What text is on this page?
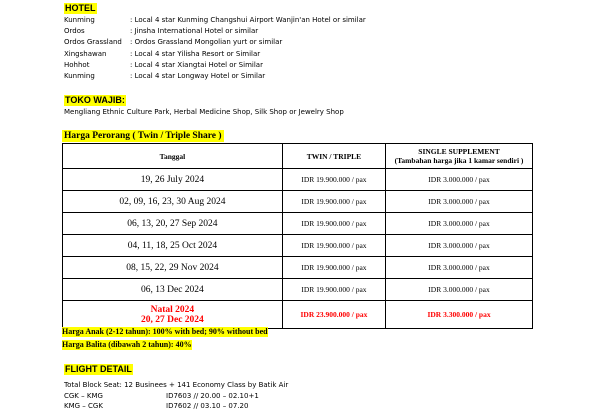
HOTEL
Kunming	: Local 4 star Kunming Changshui Airport Wanjin'an Hotel or similar
Ordos	: Jinsha International Hotel or similar
Ordos Grassland	: Ordos Grassland Mongolian yurt or similar
Xingshawan	: Local 4 star Yilisha Resort or Similar
Hohhot	: Local 4 star Xiangtai Hotel or Similar
Kunming	: Local 4 star Longway Hotel or Similar
TOKO WAJIB:
Mengliang Ethnic Culture Park, Herbal Medicine Shop, Silk Shop or Jewelry Shop
Harga Perorang ( Twin / Triple Share )
Tanggal	TWIN / TRIPLE	SINGLE SUPPLEMENT
(Tambahan harga jika 1 kamar sendiri )

19, 26 July 2024	IDR 19.900.000 / pax	IDR 3.000.000 / pax
02, 09, 16, 23, 30 Aug 2024	IDR 19.900.000 / pax	IDR 3.000.000 / pax
06, 13, 20, 27 Sep 2024	IDR 19.900.000 / pax	IDR 3.000.000 / pax
04, 11, 18, 25 Oct 2024	IDR 19.900.000 / pax	IDR 3.000.000 / pax
08, 15, 22, 29 Nov 2024	IDR 19.900.000 / pax	IDR 3.000.000 / pax
06, 13 Dec 2024	IDR 19.900.000 / pax	IDR 3.000.000 / pax

Natal 2024
20, 27 Dec 2024	IDR 23.900.000 / pax	IDR 3.300.000 / pax
Harga Anak (2-12 tahun): 100% with bed; 90% without bed
Harga Balita (dibawah 2 tahun): 40%
FLIGHT DETAIL
Total Block Seat: 12 Businees + 141 Economy Class by Batik Air
CGK – KMG	ID7603 // 20.00 – 02.10+1
KMG – CGK	ID7602 // 03.10 – 07.20
